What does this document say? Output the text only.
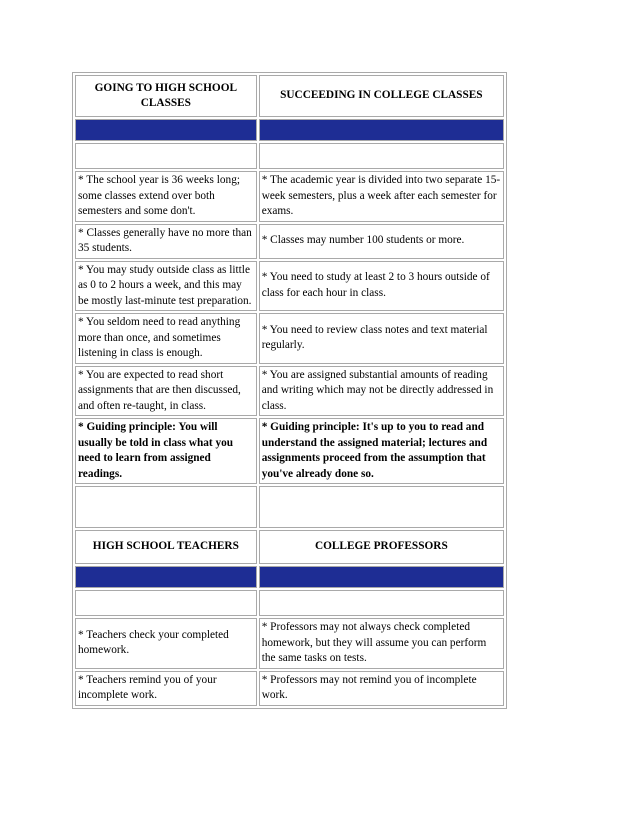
GOING TO HIGH SCHOOL CLASSES	SUCCEEDING IN COLLEGE CLASSES

* The school year is 36 weeks long; some classes extend over both semesters and some don't.	* The academic year is divided into two separate 15-week semesters, plus a week after each semester for exams.
* Classes generally have no more than 35 students.	* Classes may number 100 students or more.
* You may study outside class as little as 0 to 2 hours a week, and this may be mostly last-minute test preparation.	* You need to study at least 2 to 3 hours outside of class for each hour in class.
* You seldom need to read anything more than once, and sometimes listening in class is enough.	* You need to review class notes and text material regularly.
* You are expected to read short assignments that are then discussed, and often re-taught, in class.	* You are assigned substantial amounts of reading and writing which may not be directly addressed in class.
* Guiding principle: You will usually be told in class what you need to learn from assigned readings.	* Guiding principle: It's up to you to read and understand the assigned material; lectures and assignments proceed from the assumption that you've already done so.

HIGH SCHOOL TEACHERS	COLLEGE PROFESSORS

* Teachers check your completed homework.	* Professors may not always check completed homework, but they will assume you can perform the same tasks on tests.
* Teachers remind you of your incomplete work.	* Professors may not remind you of incomplete work.
